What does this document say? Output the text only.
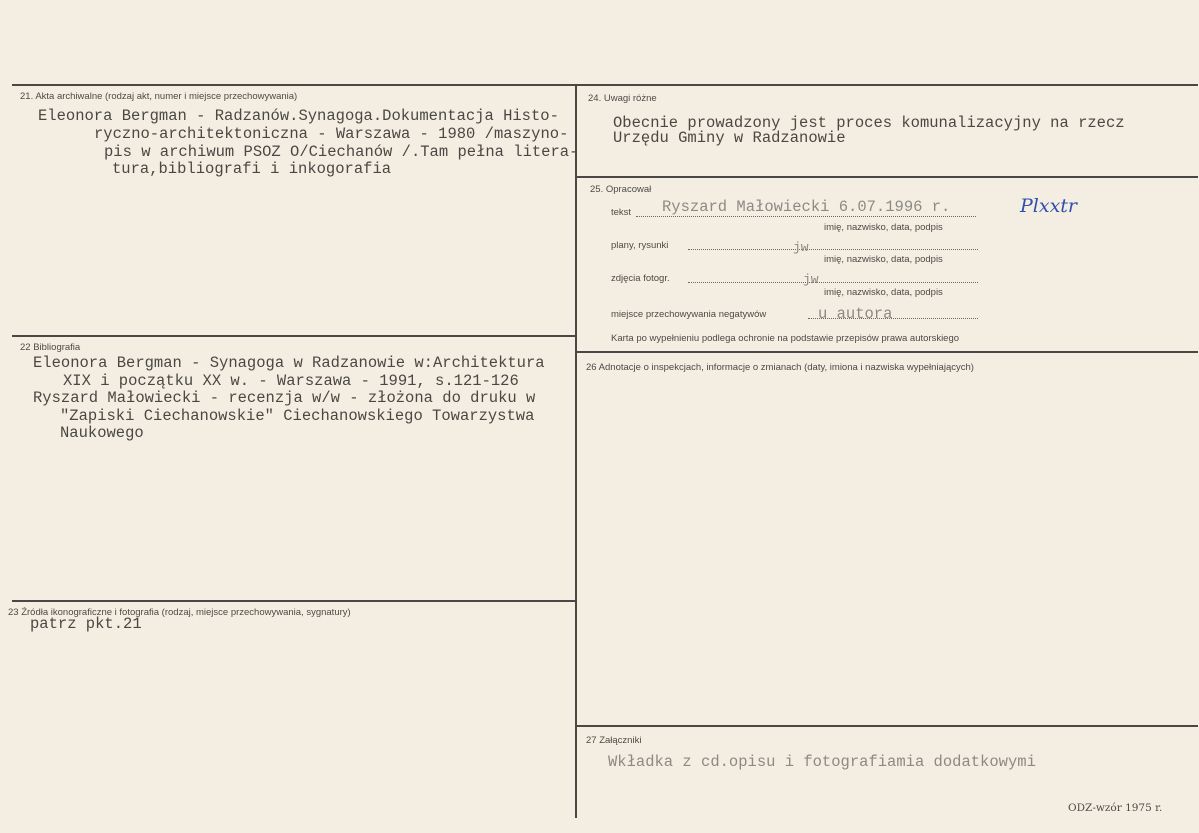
21. Akta archiwalne (rodzaj akt, numer i miejsce przechowywania)
Eleonora Bergman - Radzanów.Synagoga.Dokumentacja Histo-
ryczno-architektoniczna - Warszawa - 1980 /maszyno-
pis w archiwum PSOZ O/Ciechanów /.Tam pełna litera-
tura,bibliografi i inkogorafia
22 Bibliografia
Eleonora Bergman - Synagoga w Radzanowie w:Architektura
XIX i początku XX w. - Warszawa - 1991, s.121-126
Ryszard Małowiecki - recenzja w/w - złożona do druku w
"Zapiski Ciechanowskie" Ciechanowskiego Towarzystwa
Naukowego
23 Źródła ikonograficzne i fotografia (rodzaj, miejsce przechowywania, sygnatury)
patrz pkt.21
24. Uwagi różne
Obecnie prowadzony jest proces komunalizacyjny na rzecz
Urzędu Gminy w Radzanowie
25. Opracował
tekst Ryszard Małowiecki 6.07.1996 r.	Plxxtr
imię, nazwisko, data, podpis
plany, rysunki	jw
imię, nazwisko, data, podpis
zdjęcia fotogr.	jw
imię, nazwisko, data, podpis
miejsce przechowywania negatywów	u autora
Karta po wypełnieniu podlega ochronie na podstawie przepisów prawa autorskiego
26 Adnotacje o inspekcjach, informacje o zmianach (daty, imiona i nazwiska wypełniających)
27 Załączniki
Wkładka z cd.opisu i fotografiamia dodatkowymi
ODZ-wzór 1975 r.
